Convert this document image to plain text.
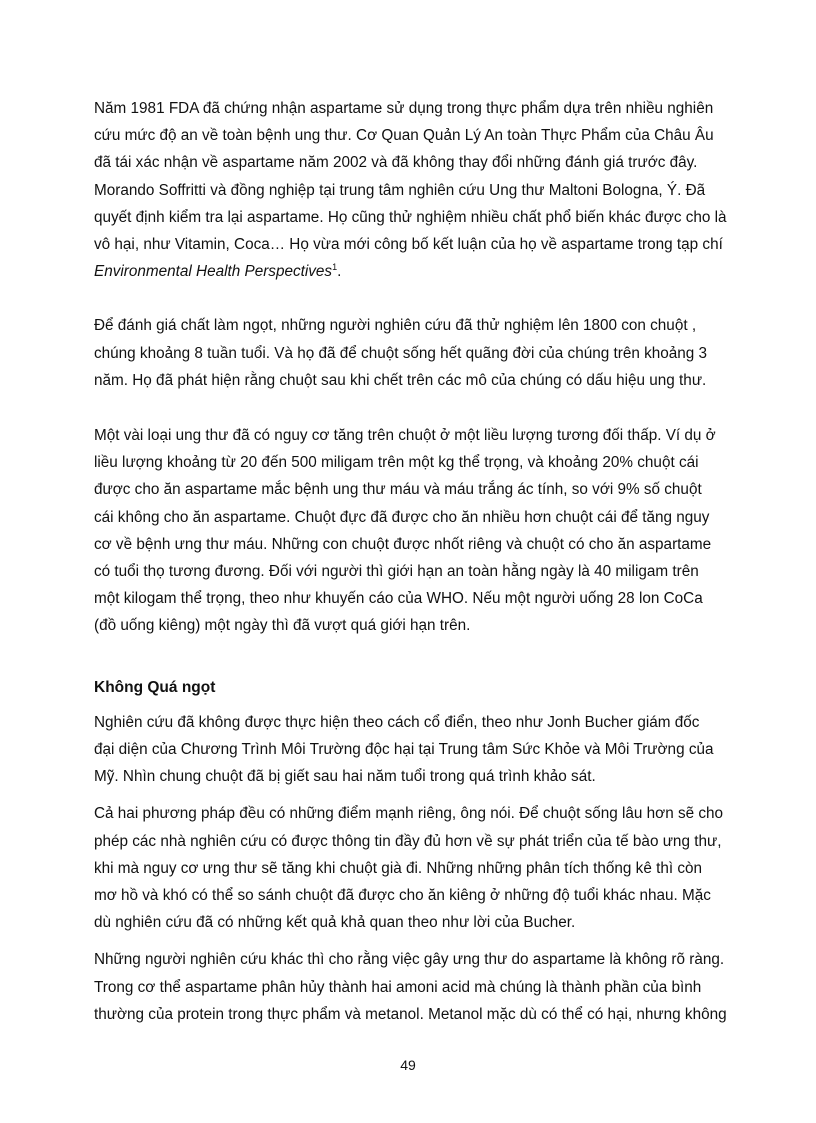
Năm 1981 FDA đã chứng nhận aspartame sử dụng trong thực phẩm dựa trên nhiều nghiên
cứu mức độ an về toàn bệnh ung thư. Cơ Quan Quản Lý An toàn Thực Phẩm của Châu Âu
đã tái xác nhận về aspartame năm 2002 và đã không thay đổi những đánh giá trước đây.
Morando Soffritti và đồng nghiệp tại trung tâm nghiên cứu Ung thư Maltoni Bologna, Ý. Đã
quyết định kiểm tra lại aspartame. Họ cũng thử nghiệm nhiều chất phổ biến khác được cho là
vô hại, như Vitamin, Coca… Họ vừa mới công bố kết luận của họ về aspartame trong tạp chí
Environmental Health Perspectives$^1$.

Để đánh giá chất làm ngọt, những người nghiên cứu đã thử nghiệm lên 1800 con chuột ,
chúng khoảng 8 tuần tuổi. Và họ đã để chuột sống hết quãng đời của chúng trên khoảng 3
năm. Họ đã phát hiện rằng chuột sau khi chết trên các mô của chúng có dấu hiệu ung thư.

Một vài loại ung thư đã có nguy cơ tăng trên chuột ở một liều lượng tương đối thấp. Ví dụ ở
liều lượng khoảng từ 20 đến 500 miligam trên một kg thể trọng, và khoảng 20% chuột cái
được cho ăn aspartame mắc bệnh ung thư máu và máu trắng ác tính, so với 9% số chuột
cái không cho ăn aspartame. Chuột đực đã được cho ăn nhiều hơn chuột cái để tăng nguy
cơ về bệnh ưng thư máu. Những con chuột được nhốt riêng và chuột có cho ăn aspartame
có tuổi thọ tương đương. Đối với người thì giới hạn an toàn hằng ngày là 40 miligam trên
một kilogam thể trọng, theo như khuyến cáo của WHO. Nếu một người uống 28 lon CoCa
(đồ uống kiêng) một ngày thì đã vượt quá giới hạn trên.

Không Quá ngọt

Nghiên cứu đã không được thực hiện theo cách cổ điển, theo như Jonh Bucher giám đốc
đại diện của Chương Trình Môi Trường độc hại tại Trung tâm Sức Khỏe và Môi Trường của
Mỹ. Nhìn chung chuột đã bị giết sau hai năm tuổi trong quá trình khảo sát.

Cả hai phương pháp đều có những điểm mạnh riêng, ông nói. Để chuột sống lâu hơn sẽ cho
phép các nhà nghiên cứu có được thông tin đầy đủ hơn về sự phát triển của tế bào ưng thư,
khi mà nguy cơ ưng thư sẽ tăng khi chuột già đi. Những những phân tích thống kê thì còn
mơ hồ và khó có thể so sánh chuột đã được cho ăn kiêng ở những độ tuổi khác nhau. Mặc
dù nghiên cứu đã có những kết quả khả quan theo như lời của Bucher.

Những người nghiên cứu khác thì cho rằng việc gây ưng thư do aspartame là không rõ ràng.
Trong cơ thể aspartame phân hủy thành hai amoni acid mà chúng là thành phần của bình
thường của protein trong thực phẩm và metanol. Metanol mặc dù có thể có hại, nhưng không

49
